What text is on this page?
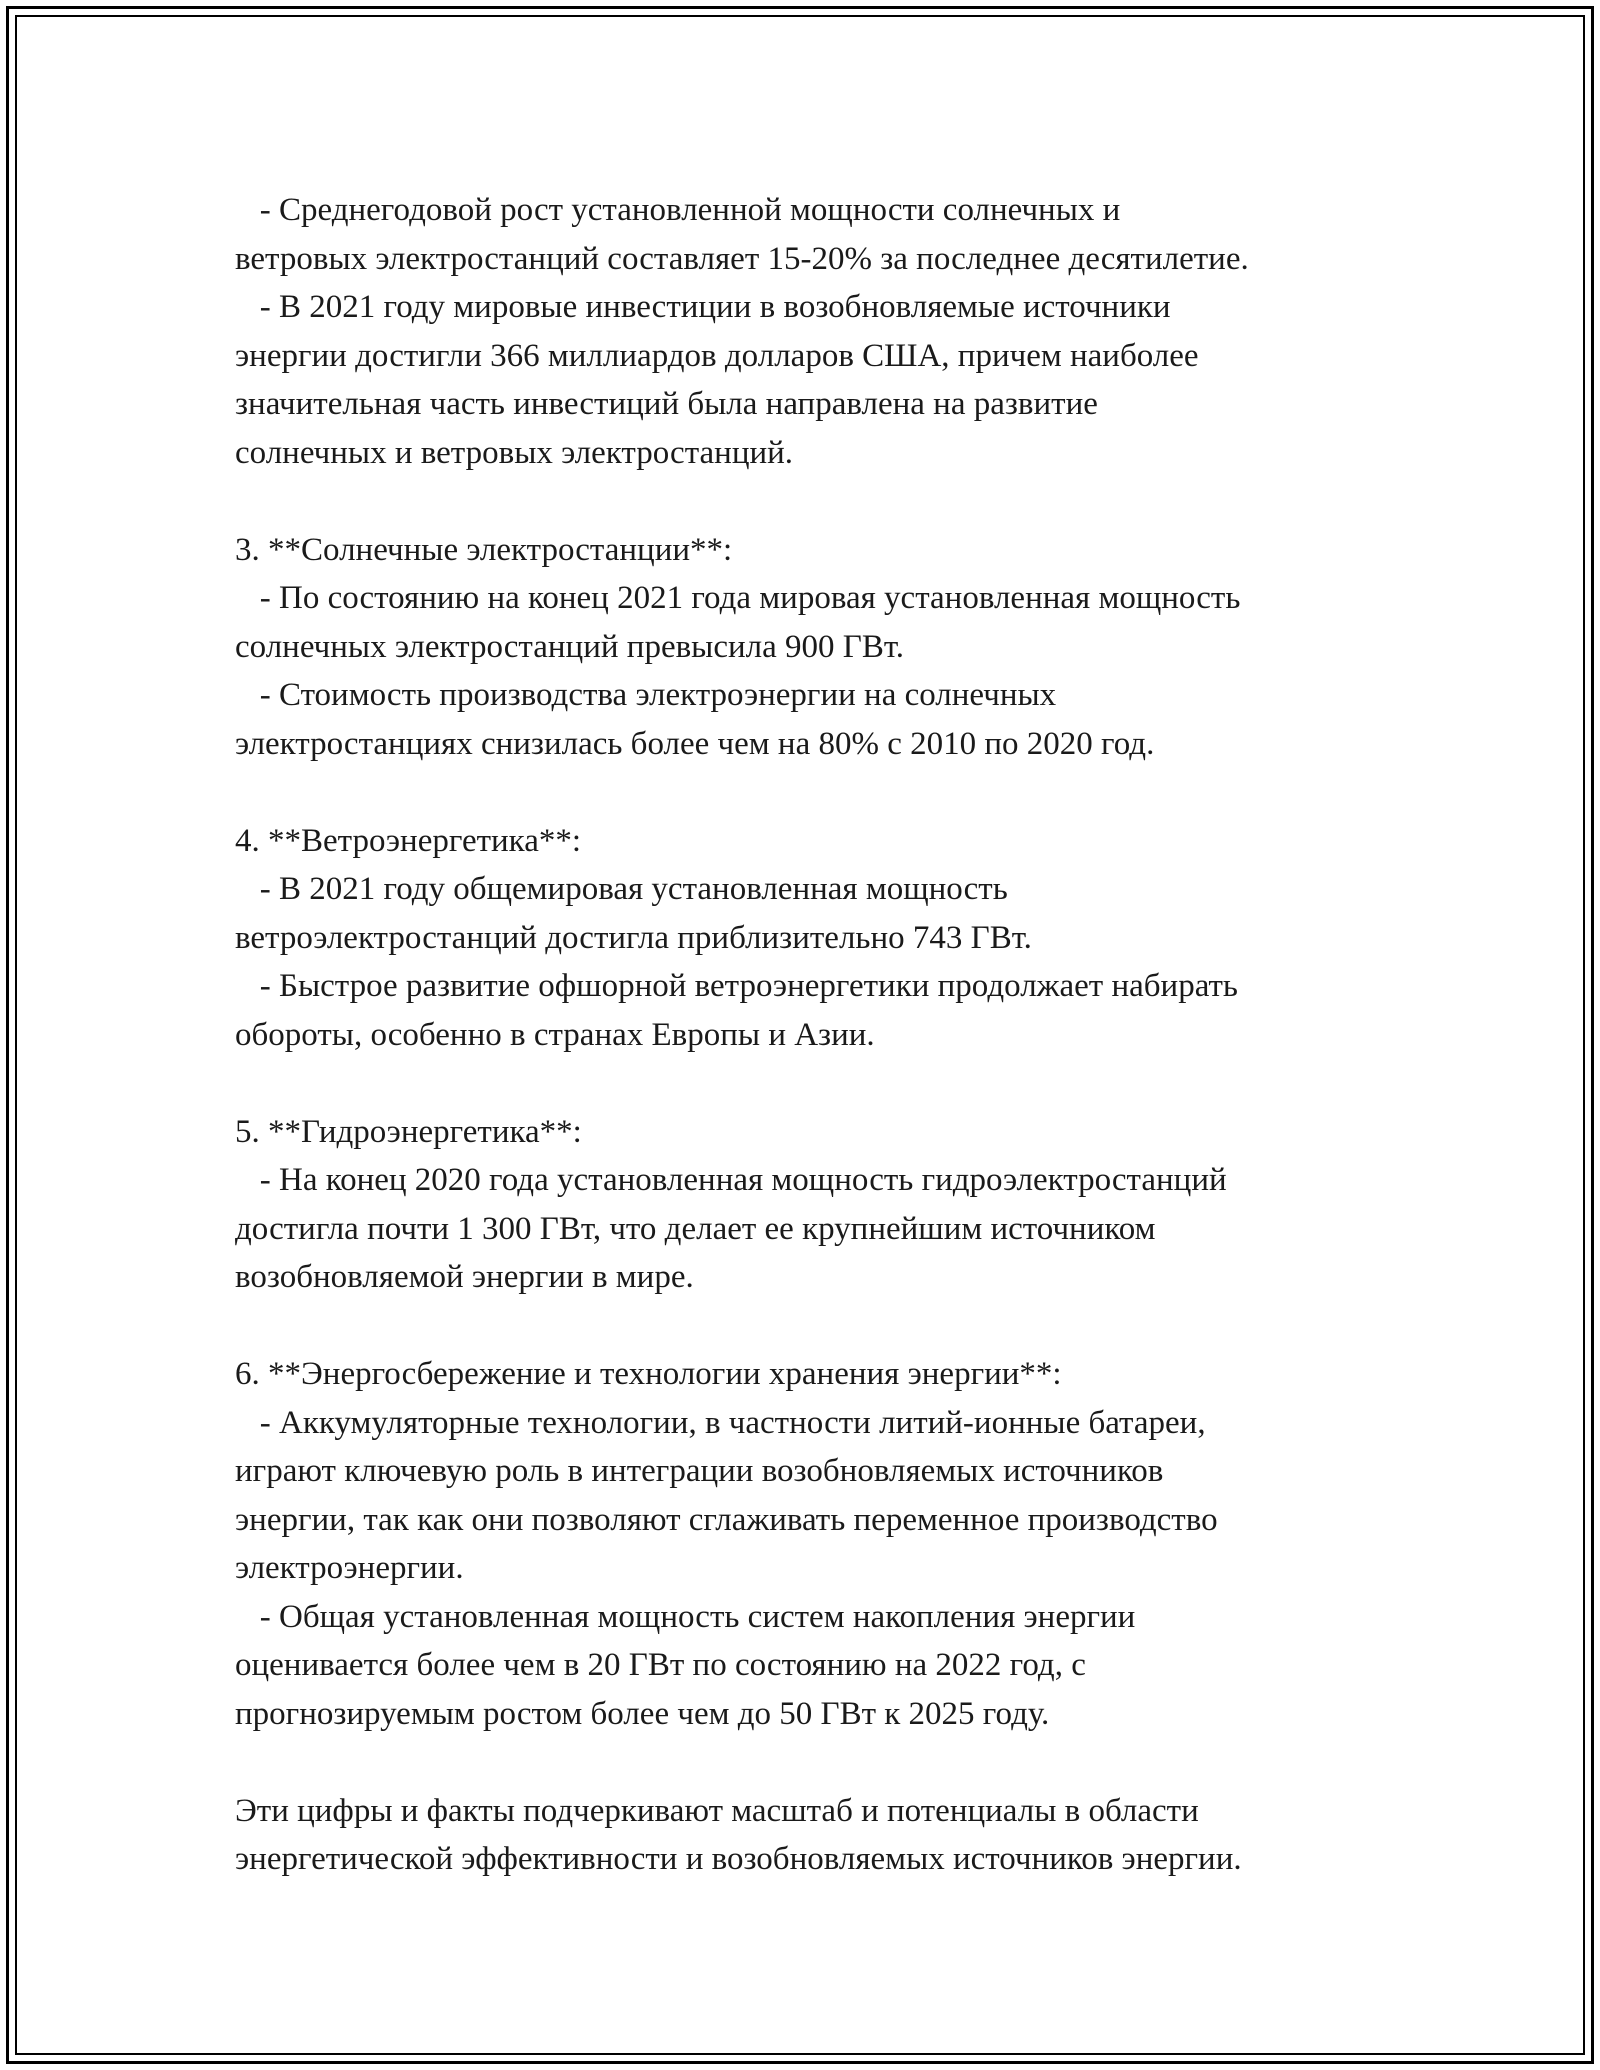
- Среднегодовой рост установленной мощности солнечных и
ветровых электростанций составляет 15-20% за последнее десятилетие.
- В 2021 году мировые инвестиции в возобновляемые источники
энергии достигли 366 миллиардов долларов США, причем наиболее
значительная часть инвестиций была направлена на развитие
солнечных и ветровых электростанций.
3. **Солнечные электростанции**:
- По состоянию на конец 2021 года мировая установленная мощность
солнечных электростанций превысила 900 ГВт.
- Стоимость производства электроэнергии на солнечных
электростанциях снизилась более чем на 80% с 2010 по 2020 год.
4. **Ветроэнергетика**:
- В 2021 году общемировая установленная мощность
ветроэлектростанций достигла приблизительно 743 ГВт.
- Быстрое развитие офшорной ветроэнергетики продолжает набирать
обороты, особенно в странах Европы и Азии.
5. **Гидроэнергетика**:
- На конец 2020 года установленная мощность гидроэлектростанций
достигла почти 1 300 ГВт, что делает ее крупнейшим источником
возобновляемой энергии в мире.
6. **Энергосбережение и технологии хранения энергии**:
- Аккумуляторные технологии, в частности литий-ионные батареи,
играют ключевую роль в интеграции возобновляемых источников
энергии, так как они позволяют сглаживать переменное производство
электроэнергии.
- Общая установленная мощность систем накопления энергии
оценивается более чем в 20 ГВт по состоянию на 2022 год, с
прогнозируемым ростом более чем до 50 ГВт к 2025 году.
Эти цифры и факты подчеркивают масштаб и потенциалы в области
энергетической эффективности и возобновляемых источников энергии.
